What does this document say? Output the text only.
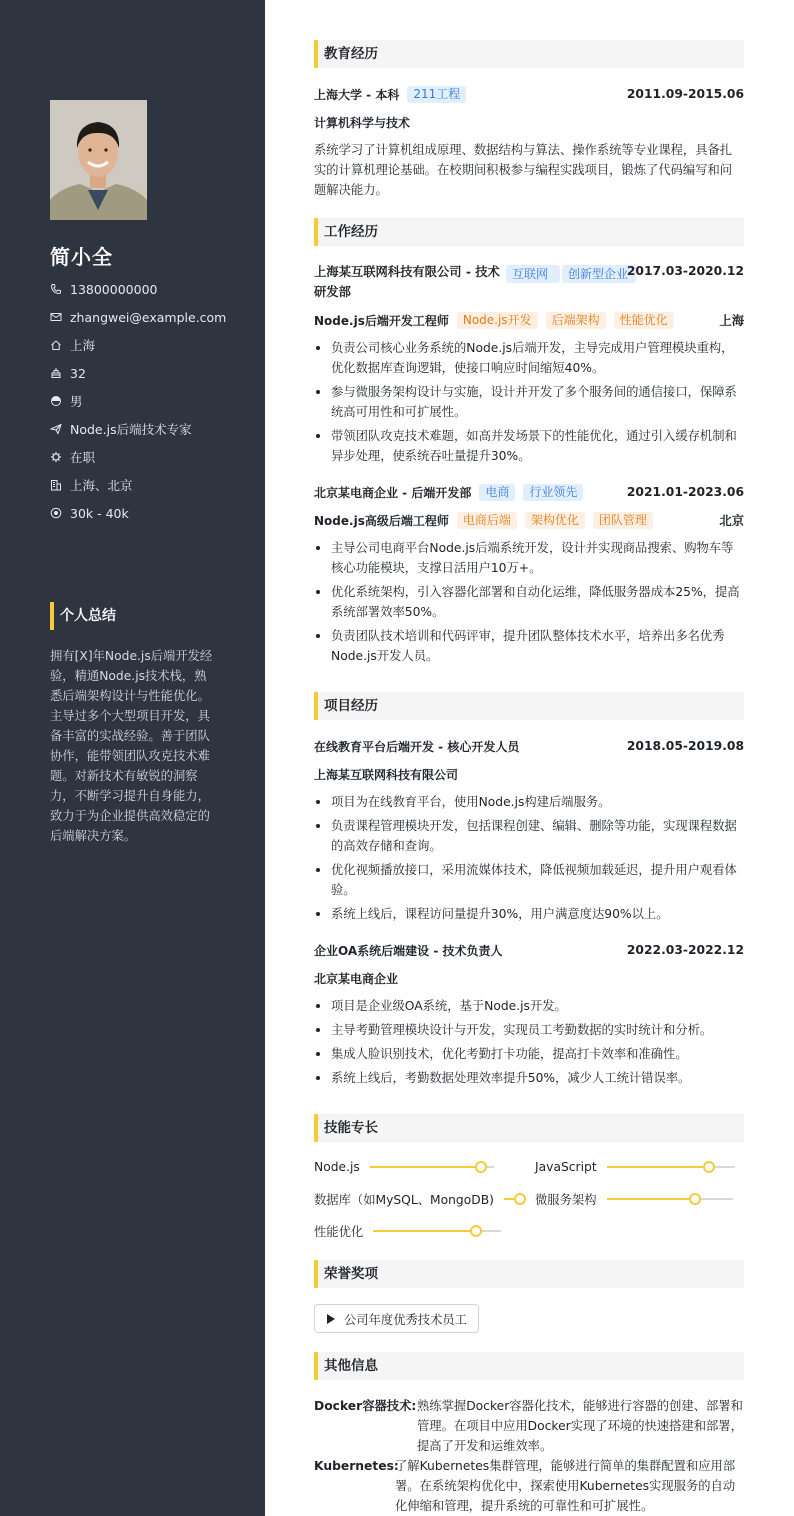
简小全
13800000000
zhangwei@example.com
上海
32
男
Node.js后端技术专家
在职
上海、北京
30k - 40k
个人总结
拥有[X]年Node.js后端开发经验，精通Node.js技术栈，熟悉后端架构设计与性能优化。主导过多个大型项目开发，具备丰富的实战经验。善于团队协作，能带领团队攻克技术难题。对新技术有敏锐的洞察力，不断学习提升自身能力，致力于为企业提供高效稳定的后端解决方案。
教育经历
上海大学 - 本科	211工程	2011.09-2015.06
计算机科学与技术
系统学习了计算机组成原理、数据结构与算法、操作系统等专业课程，具备扎实的计算机理论基础。在校期间积极参与编程实践项目，锻炼了代码编写和问题解决能力。
工作经历
上海某互联网科技有限公司 - 技术研发部
互联网	创新型企业
2017.03-2020.12
Node.js后端开发工程师	Node.js开发	后端架构	性能优化	上海
负责公司核心业务系统的Node.js后端开发，主导完成用户管理模块重构，优化数据库查询逻辑，使接口响应时间缩短40%。
参与微服务架构设计与实施，设计并开发了多个服务间的通信接口，保障系统高可用性和可扩展性。
带领团队攻克技术难题，如高并发场景下的性能优化，通过引入缓存机制和异步处理，使系统吞吐量提升30%。
北京某电商企业 - 后端开发部	电商	行业领先	2021.01-2023.06
Node.js高级后端工程师	电商后端	架构优化	团队管理	北京
主导公司电商平台Node.js后端系统开发，设计并实现商品搜索、购物车等核心功能模块，支撑日活用户10万+。
优化系统架构，引入容器化部署和自动化运维，降低服务器成本25%，提高系统部署效率50%。
负责团队技术培训和代码评审，提升团队整体技术水平，培养出多名优秀Node.js开发人员。
项目经历
在线教育平台后端开发 - 核心开发人员	2018.05-2019.08
上海某互联网科技有限公司
项目为在线教育平台，使用Node.js构建后端服务。
负责课程管理模块开发，包括课程创建、编辑、删除等功能，实现课程数据的高效存储和查询。
优化视频播放接口，采用流媒体技术，降低视频加载延迟，提升用户观看体验。
系统上线后，课程访问量提升30%，用户满意度达90%以上。
企业OA系统后端建设 - 技术负责人	2022.03-2022.12
北京某电商企业
项目是企业级OA系统，基于Node.js开发。
主导考勤管理模块设计与开发，实现员工考勤数据的实时统计和分析。
集成人脸识别技术，优化考勤打卡功能，提高打卡效率和准确性。
系统上线后，考勤数据处理效率提升50%，减少人工统计错误率。
技能专长
Node.js	JavaScript
数据库（如MySQL、MongoDB)	微服务架构
性能优化
荣誉奖项
公司年度优秀技术员工
其他信息
Docker容器技术: 熟练掌握Docker容器化技术，能够进行容器的创建、部署和管理。在项目中应用Docker实现了环境的快速搭建和部署，提高了开发和运维效率。
Kubernetes:
了解Kubernetes集群管理，能够进行简单的集群配置和应用部署。在系统架构优化中，探索使用Kubernetes实现服务的自动化伸缩和管理，提升系统的可靠性和可扩展性。
